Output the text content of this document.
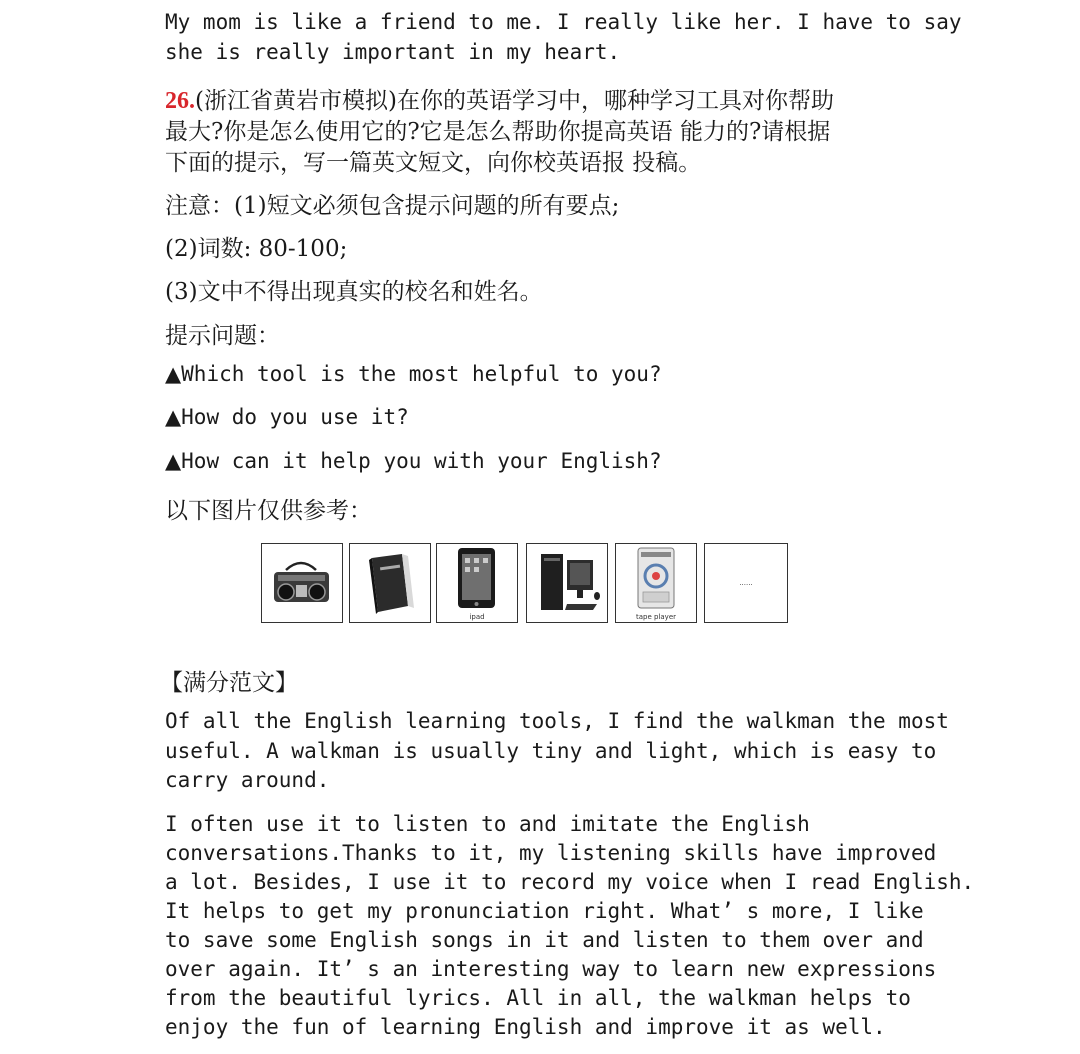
My mom is like a friend to me. I really like her. I have to say
she is really important in my heart.
26.(浙江省黄岩市模拟)在你的英语学习中，哪种学习工具对你帮助
最大?你是怎么使用它的?它是怎么帮助你提高英语 能力的?请根据
下面的提示，写一篇英文短文，向你校英语报 投稿。
注意：(1)短文必须包含提示问题的所有要点;
(2)词数: 80-100;
(3)文中不得出现真实的校名和姓名。
提示问题：
▲Which tool is the most helpful to you?
▲How do you use it?
▲How can it help you with your English?
以下图片仅供参考：
ipad	tape player
......
【满分范文】
Of all the English learning tools, I find the walkman the most
useful. A walkman is usually tiny and light, which is easy to
carry around.
I often use it to listen to and imitate the English
conversations.Thanks to it, my listening skills have improved
a lot. Besides, I use it to record my voice when I read English.
It helps to get my pronunciation right. What’ s more, I like
to save some English songs in it and listen to them over and
over again. It’ s an interesting way to learn new expressions
from the beautiful lyrics. All in all, the walkman helps to
enjoy the fun of learning English and improve it as well.
